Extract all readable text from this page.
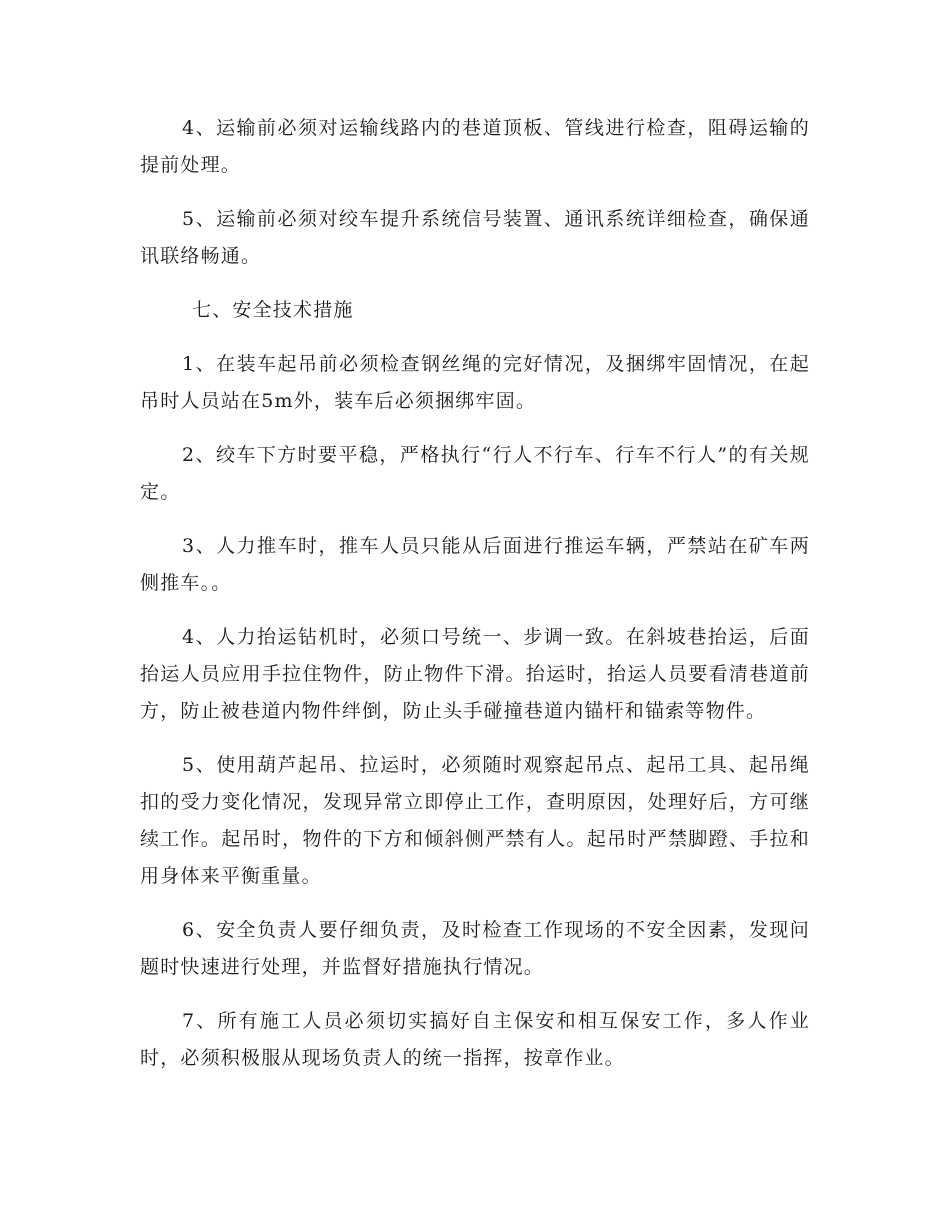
4、运输前必须对运输线路内的巷道顶板、管线进行检查，阻碍运输的提前处理。

5、运输前必须对绞车提升系统信号装置、通讯系统详细检查，确保通讯联络畅通。

七、安全技术措施

1、在装车起吊前必须检查钢丝绳的完好情况，及捆绑牢固情况，在起吊时人员站在5m外，装车后必须捆绑牢固。

2、绞车下方时要平稳，严格执行“行人不行车、行车不行人”的有关规定。

3、人力推车时，推车人员只能从后面进行推运车辆，严禁站在矿车两侧推车。。

4、人力抬运钻机时，必须口号统一、步调一致。在斜坡巷抬运，后面抬运人员应用手拉住物件，防止物件下滑。抬运时，抬运人员要看清巷道前方，防止被巷道内物件绊倒，防止头手碰撞巷道内锚杆和锚索等物件。

5、使用葫芦起吊、拉运时，必须随时观察起吊点、起吊工具、起吊绳扣的受力变化情况，发现异常立即停止工作，查明原因，处理好后，方可继续工作。起吊时，物件的下方和倾斜侧严禁有人。起吊时严禁脚蹬、手拉和用身体来平衡重量。

6、安全负责人要仔细负责，及时检查工作现场的不安全因素，发现问题时快速进行处理，并监督好措施执行情况。

7、所有施工人员必须切实搞好自主保安和相互保安工作，多人作业时，必须积极服从现场负责人的统一指挥，按章作业。
